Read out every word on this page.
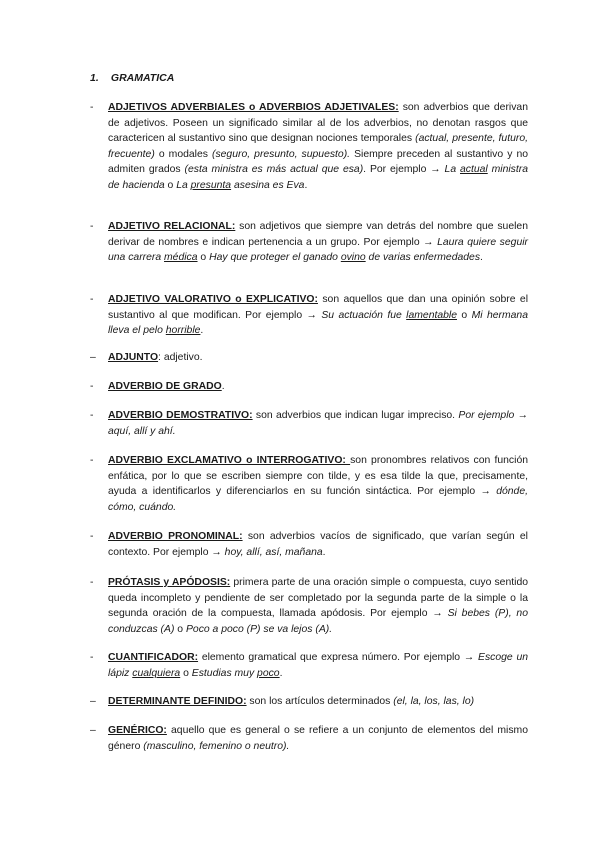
1. GRAMATICA
- ADJETIVOS ADVERBIALES o ADVERBIOS ADJETIVALES: son adverbios que derivan de adjetivos. Poseen un significado similar al de los adverbios, no denotan rasgos que caractericen al sustantivo sino que designan nociones temporales (actual, presente, futuro, frecuente) o modales (seguro, presunto, supuesto). Siempre preceden al sustantivo y no admiten grados (esta ministra es más actual que esa). Por ejemplo → La actual ministra de hacienda o La presunta asesina es Eva.
- ADJETIVO RELACIONAL: son adjetivos que siempre van detrás del nombre que suelen derivar de nombres e indican pertenencia a un grupo. Por ejemplo → Laura quiere seguir una carrera médica o Hay que proteger el ganado ovino de varias enfermedades.
- ADJETIVO VALORATIVO o EXPLICATIVO: son aquellos que dan una opinión sobre el sustantivo al que modifican. Por ejemplo → Su actuación fue lamentable o Mi hermana lleva el pelo horrible.
– ADJUNTO: adjetivo.
- ADVERBIO DE GRADO.
- ADVERBIO DEMOSTRATIVO: son adverbios que indican lugar impreciso. Por ejemplo → aquí, allí y ahí.
- ADVERBIO EXCLAMATIVO o INTERROGATIVO: son pronombres relativos con función enfática, por lo que se escriben siempre con tilde, y es esa tilde la que, precisamente, ayuda a identificarlos y diferenciarlos en su función sintáctica. Por ejemplo → dónde, cómo, cuándo.
- ADVERBIO PRONOMINAL: son adverbios vacíos de significado, que varían según el contexto. Por ejemplo → hoy, allí, así, mañana.
- PRÓTASIS y APÓDOSIS: primera parte de una oración simple o compuesta, cuyo sentido queda incompleto y pendiente de ser completado por la segunda parte de la simple o la segunda oración de la compuesta, llamada apódosis. Por ejemplo → Si bebes (P), no conduzcas (A) o Poco a poco (P) se va lejos (A).
- CUANTIFICADOR: elemento gramatical que expresa número. Por ejemplo → Escoge un lápiz cualquiera o Estudias muy poco.
– DETERMINANTE DEFINIDO: son los artículos determinados (el, la, los, las, lo)
– GENÉRICO: aquello que es general o se refiere a un conjunto de elementos del mismo género (masculino, femenino o neutro).
